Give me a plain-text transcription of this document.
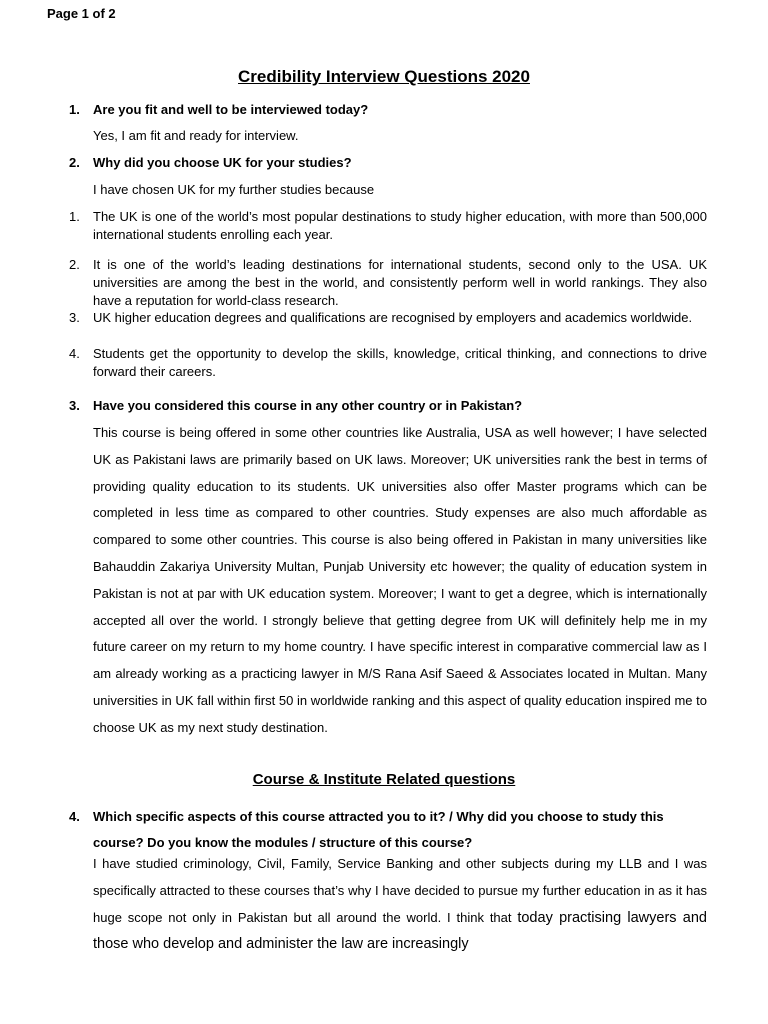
Page 1 of 2
Credibility Interview Questions 2020
1. Are you fit and well to be interviewed today?
Yes, I am fit and ready for interview.
2. Why did you choose UK for your studies?
I have chosen UK for my further studies because
1. The UK is one of the world’s most popular destinations to study higher education, with more than 500,000 international students enrolling each year.
2. It is one of the world’s leading destinations for international students, second only to the USA. UK universities are among the best in the world, and consistently perform well in world rankings. They also have a reputation for world-class research.
3. UK higher education degrees and qualifications are recognised by employers and academics worldwide.
4. Students get the opportunity to develop the skills, knowledge, critical thinking, and connections to drive forward their careers.
3. Have you considered this course in any other country or in Pakistan?
This course is being offered in some other countries like Australia, USA as well however; I have selected UK as Pakistani laws are primarily based on UK laws. Moreover; UK universities rank the best in terms of providing quality education to its students. UK universities also offer Master programs which can be completed in less time as compared to other countries. Study expenses are also much affordable as compared to some other countries. This course is also being offered in Pakistan in many universities like Bahauddin Zakariya University Multan, Punjab University etc however; the quality of education system in Pakistan is not at par with UK education system. Moreover; I want to get a degree, which is internationally accepted all over the world. I strongly believe that getting degree from UK will definitely help me in my future career on my return to my home country. I have specific interest in comparative commercial law as I am already working as a practicing lawyer in M/S Rana Asif Saeed & Associates located in Multan. Many universities in UK fall within first 50 in worldwide ranking and this aspect of quality education inspired me to choose UK as my next study destination.
Course & Institute Related questions
4. Which specific aspects of this course attracted you to it? / Why did you choose to study this course? Do you know the modules / structure of this course?
I have studied criminology, Civil, Family, Service Banking and other subjects during my LLB and I was specifically attracted to these courses that’s why I have decided to pursue my further education in as it has huge scope not only in Pakistan but all around the world. I think that today practising lawyers and those who develop and administer the law are increasingly
